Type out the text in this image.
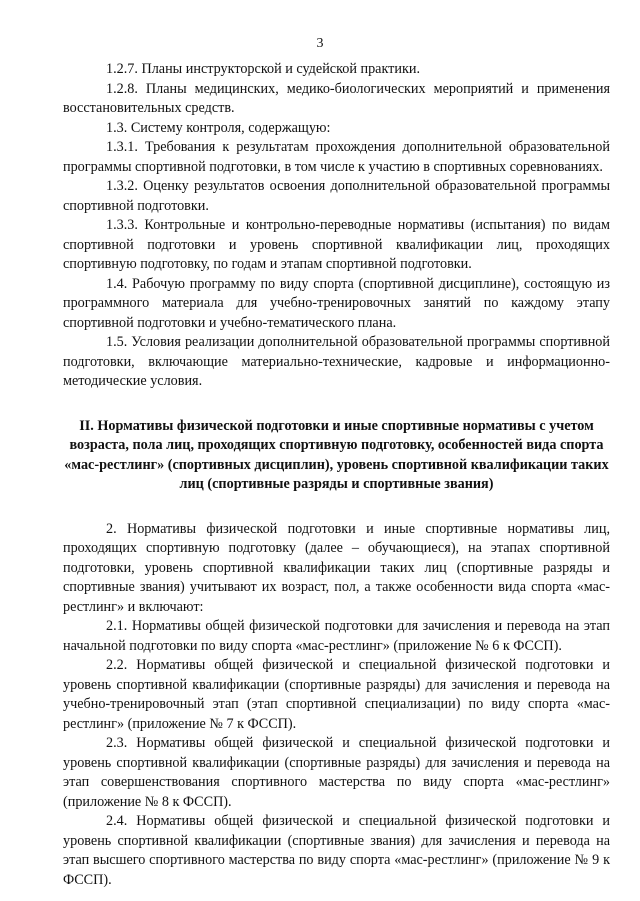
3

1.2.7. Планы инструкторской и судейской практики.

1.2.8. Планы медицинских, медико-биологических мероприятий и применения восстановительных средств.

1.3. Систему контроля, содержащую:

1.3.1. Требования к результатам прохождения дополнительной образовательной программы спортивной подготовки, в том числе к участию в спортивных соревнованиях.

1.3.2. Оценку результатов освоения дополнительной образовательной программы спортивной подготовки.

1.3.3. Контрольные и контрольно-переводные нормативы (испытания) по видам спортивной подготовки и уровень спортивной квалификации лиц, проходящих спортивную подготовку, по годам и этапам спортивной подготовки.

1.4. Рабочую программу по виду спорта (спортивной дисциплине), состоящую из программного материала для учебно-тренировочных занятий по каждому этапу спортивной подготовки и учебно-тематического плана.

1.5. Условия реализации дополнительной образовательной программы спортивной подготовки, включающие материально-технические, кадровые и информационно-методические условия.

II. Нормативы физической подготовки и иные спортивные нормативы с учетом возраста, пола лиц, проходящих спортивную подготовку, особенностей вида спорта «мас-рестлинг» (спортивных дисциплин), уровень спортивной квалификации таких лиц (спортивные разряды и спортивные звания)

2. Нормативы физической подготовки и иные спортивные нормативы лиц, проходящих спортивную подготовку (далее – обучающиеся), на этапах спортивной подготовки, уровень спортивной квалификации таких лиц (спортивные разряды и спортивные звания) учитывают их возраст, пол, а также особенности вида спорта «мас-рестлинг» и включают:

2.1. Нормативы общей физической подготовки для зачисления и перевода на этап начальной подготовки по виду спорта «мас-рестлинг» (приложение № 6 к ФССП).

2.2. Нормативы общей физической и специальной физической подготовки и уровень спортивной квалификации (спортивные разряды) для зачисления и перевода на учебно-тренировочный этап (этап спортивной специализации) по виду спорта «мас-рестлинг» (приложение № 7 к ФССП).

2.3. Нормативы общей физической и специальной физической подготовки и уровень спортивной квалификации (спортивные разряды) для зачисления и перевода на этап совершенствования спортивного мастерства по виду спорта «мас-рестлинг» (приложение № 8 к ФССП).

2.4. Нормативы общей физической и специальной физической подготовки и уровень спортивной квалификации (спортивные звания) для зачисления и перевода на этап высшего спортивного мастерства по виду спорта «мас-рестлинг» (приложение № 9 к ФССП).
